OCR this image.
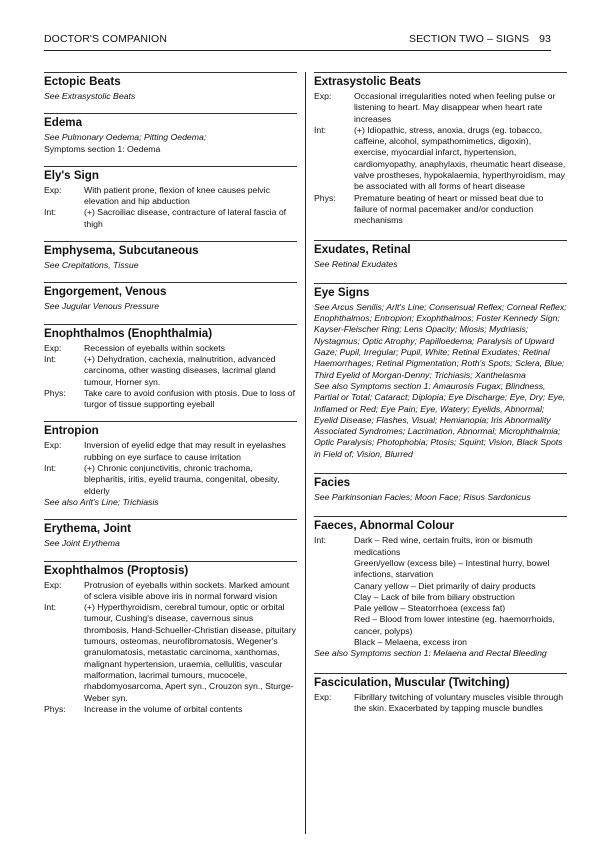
DOCTOR'S COMPANION	SECTION TWO – SIGNS 93
Ectopic Beats
See Extrasystolic Beats
Edema
See Pulmonary Oedema; Pitting Oedema;
Symptoms section 1: Oedema
Ely's Sign
Exp:	With patient prone, flexion of knee causes pelvic elevation and hip abduction
Int:	(+) Sacroiliac disease, contracture of lateral fascia of thigh
Emphysema, Subcutaneous
See Crepitations, Tissue
Engorgement, Venous
See Jugular Venous Pressure
Enophthalmos (Enophthalmia)
Exp:	Recession of eyeballs within sockets
Int:	(+) Dehydration, cachexia, malnutrition, advanced carcinoma, other wasting diseases, lacrimal gland tumour, Horner syn.
Phys:	Take care to avoid confusion with ptosis. Due to loss of turgor of tissue supporting eyeball
Entropion
Exp:	Inversion of eyelid edge that may result in eyelashes rubbing on eye surface to cause irritation
Int:	(+) Chronic conjunctivitis, chronic trachoma, blepharitis, iritis, eyelid trauma, congenital, obesity, elderly
See also Arlt's Line; Trichiasis
Erythema, Joint
See Joint Erythema
Exophthalmos (Proptosis)
Exp:	Protrusion of eyeballs within sockets. Marked amount of sclera visible above iris in normal forward vision
Int:	(+) Hyperthyroidism, cerebral tumour, optic or orbital tumour, Cushing's disease, cavernous sinus thrombosis, Hand-Schueller-Christian disease, pituitary tumours, osteomas, neurofibromatosis, Wegener's granulomatosis, metastatic carcinoma, xanthomas, malignant hypertension, uraemia, cellulitis, vascular malformation, lacrimal tumours, mucocele, rhabdomyosarcoma, Apert syn., Crouzon syn., Sturge-Weber syn.
Phys:	Increase in the volume of orbital contents
Extrasystolic Beats
Exp:	Occasional irregularities noted when feeling pulse or listening to heart. May disappear when heart rate increases
Int:	(+) Idiopathic, stress, anoxia, drugs (eg. tobacco, caffeine, alcohol, sympathomimetics, digoxin), exercise, myocardial infarct, hypertension, cardiomyopathy, anaphylaxis, rheumatic heart disease, valve prostheses, hypokalaemia, hyperthyroidism, may be associated with all forms of heart disease
Phys:	Premature beating of heart or missed beat due to failure of normal pacemaker and/or conduction mechanisms
Exudates, Retinal
See Retinal Exudates
Eye Signs
See Arcus Senilis; Arlt's Line; Consensual Reflex; Corneal Reflex; Enophthalmos; Entropion; Exophthalmos; Foster Kennedy Sign; Kayser-Fleischer Ring; Lens Opacity; Miosis; Mydriasis; Nystagmus; Optic Atrophy; Papilloedema; Paralysis of Upward Gaze; Pupil, Irregular; Pupil, White; Retinal Exudates; Retinal Haemorrhages; Retinal Pigmentation; Roth's Spots; Sclera, Blue; Third Eyelid of Morgan-Denny; Trichiasis; Xanthelasma
See also Symptoms section 1: Amaurosis Fugax; Blindness, Partial or Total; Cataract; Diplopia; Eye Discharge; Eye, Dry; Eye, Inflamed or Red; Eye Pain; Eye, Watery; Eyelids, Abnormal; Eyelid Disease; Flashes, Visual; Hemianopia; Iris Abnormality Associated Syndromes; Lacrimation, Abnormal; Microphthalmia; Optic Paralysis; Photophobia; Ptosis; Squint; Vision, Black Spots in Field of; Vision, Blurred
Facies
See Parkinsonian Facies; Moon Face; Risus Sardonicus
Faeces, Abnormal Colour
Int:	Dark – Red wine, certain fruits, iron or bismuth medications
Green/yellow (excess bile) – Intestinal hurry, bowel infections, starvation
Canary yellow – Diet primarily of dairy products
Clay – Lack of bile from biliary obstruction
Pale yellow – Steatorrhoea (excess fat)
Red – Blood from lower intestine (eg. haemorrhoids, cancer, polyps)
Black – Melaena, excess iron
See also Symptoms section 1: Melaena and Rectal Bleeding
Fasciculation, Muscular (Twitching)
Exp:	Fibrillary twitching of voluntary muscles visible through the skin. Exacerbated by tapping muscle bundles
